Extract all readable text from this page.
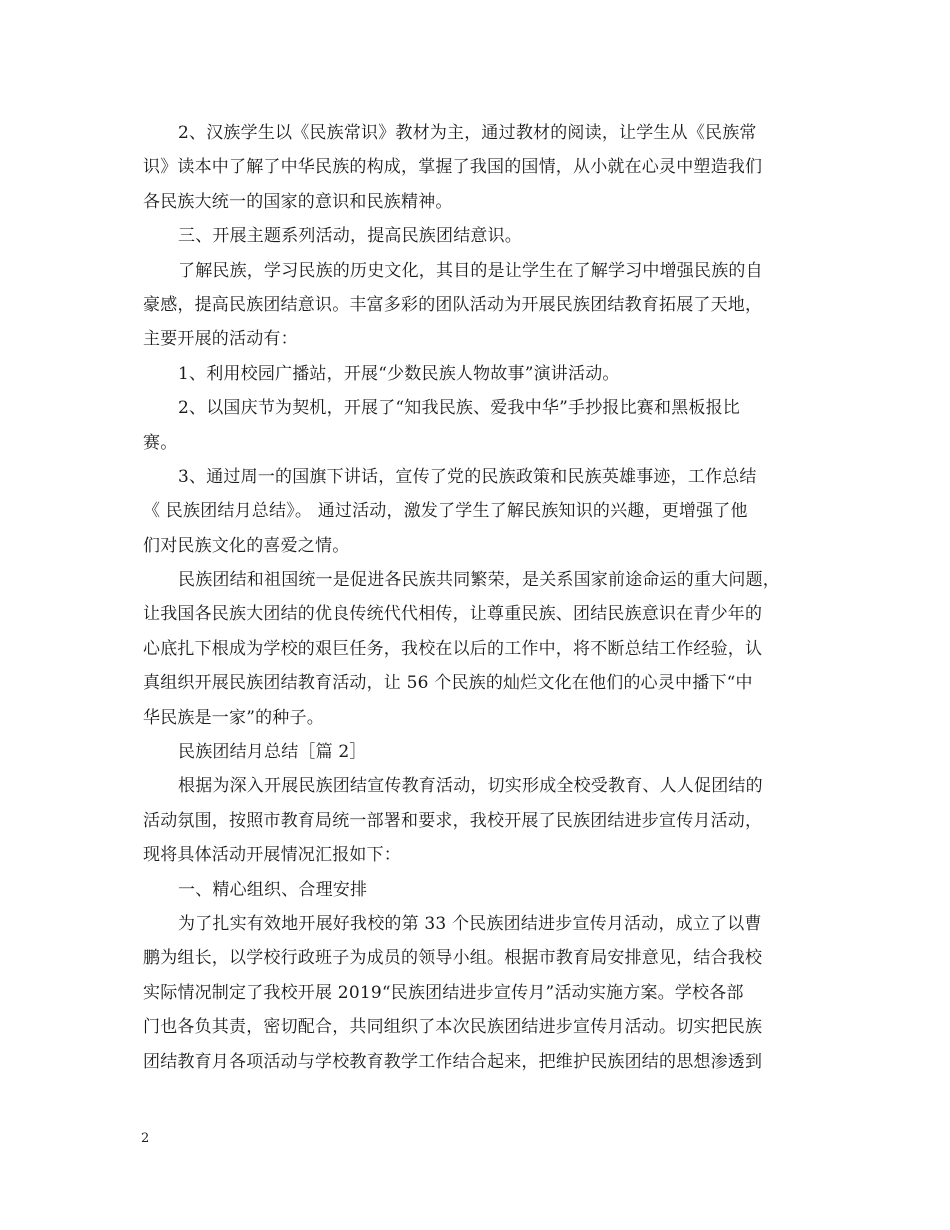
2、汉族学生以《民族常识》教材为主，通过教材的阅读，让学生从《民族常
识》读本中了解了中华民族的构成，掌握了我国的国情，从小就在心灵中塑造我们
各民族大统一的国家的意识和民族精神。
三、开展主题系列活动，提高民族团结意识。
了解民族，学习民族的历史文化，其目的是让学生在了解学习中增强民族的自
豪感，提高民族团结意识。丰富多彩的团队活动为开展民族团结教育拓展了天地，
主要开展的活动有：
1、利用校园广播站，开展“少数民族人物故事”演讲活动。
2、以国庆节为契机，开展了“知我民族、爱我中华”手抄报比赛和黑板报比
赛。
3、通过周一的国旗下讲话，宣传了党的民族政策和民族英雄事迹，工作总结
《 民族团结月总结》。 通过活动，激发了学生了解民族知识的兴趣，更增强了他
们对民族文化的喜爱之情。
民族团结和祖国统一是促进各民族共同繁荣，是关系国家前途命运的重大问题，
让我国各民族大团结的优良传统代代相传，让尊重民族、团结民族意识在青少年的
心底扎下根成为学校的艰巨任务，我校在以后的工作中，将不断总结工作经验，认
真组织开展民族团结教育活动，让 56 个民族的灿烂文化在他们的心灵中播下“中
华民族是一家”的种子。
民族团结月总结［篇 2］
根据为深入开展民族团结宣传教育活动，切实形成全校受教育、人人促团结的
活动氛围，按照市教育局统一部署和要求，我校开展了民族团结进步宣传月活动，
现将具体活动开展情况汇报如下：
一、精心组织、合理安排
为了扎实有效地开展好我校的第 33 个民族团结进步宣传月活动，成立了以曹
鹏为组长，以学校行政班子为成员的领导小组。根据市教育局安排意见，结合我校
实际情况制定了我校开展 2019“民族团结进步宣传月”活动实施方案。学校各部
门也各负其责，密切配合，共同组织了本次民族团结进步宣传月活动。切实把民族
团结教育月各项活动与学校教育教学工作结合起来，把维护民族团结的思想渗透到
2
